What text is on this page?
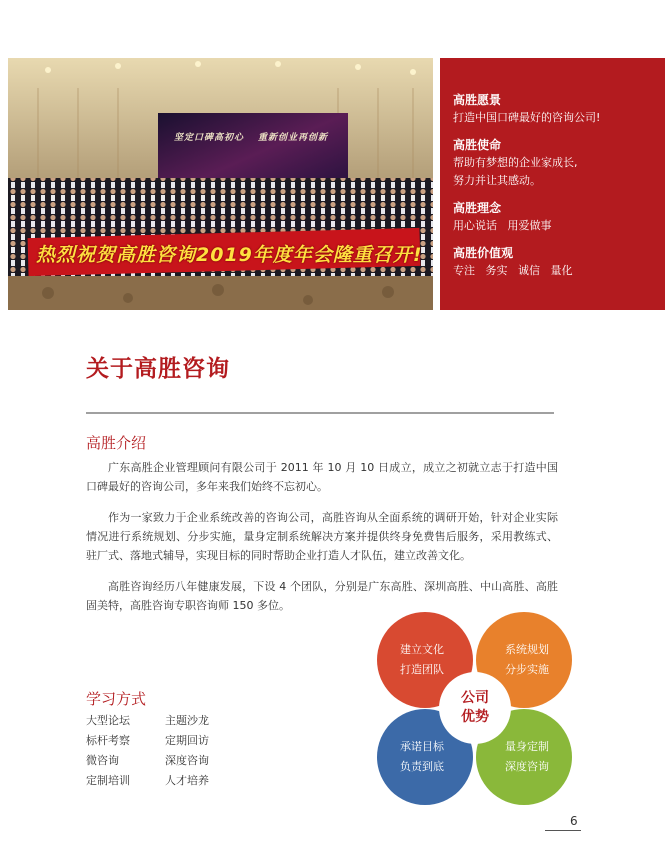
坚定口碑高初心 重新创业再创新
热烈祝贺高胜咨询2019年度年会隆重召开!
高胜愿景
打造中国口碑最好的咨询公司!
高胜使命
帮助有梦想的企业家成长,
努力并让其感动。
高胜理念
用心说话   用爱做事
高胜价值观
专注   务实   诚信   量化
关于高胜咨询
高胜介绍

广东高胜企业管理顾问有限公司于 2011 年 10 月 10 日成立，成立之初就立志于打造中国口碑最好的咨询公司，多年来我们始终不忘初心。

作为一家致力于企业系统改善的咨询公司，高胜咨询从全面系统的调研开始，针对企业实际情况进行系统规划、分步实施，量身定制系统解决方案并提供终身免费售后服务，采用教练式、驻厂式、落地式辅导，实现目标的同时帮助企业打造人才队伍，建立改善文化。

高胜咨询经历八年健康发展，下设 4 个团队，分别是广东高胜、深圳高胜、中山高胜、高胜固美特，高胜咨询专职咨询师 150 多位。

学习方式
大型论坛	主题沙龙
标杆考察	定期回访
微咨询	深度咨询
定制培训	人才培养
建立文化
打造团队
系统规划
分步实施
承诺目标
负责到底
量身定制
深度咨询
公司
优势
6
